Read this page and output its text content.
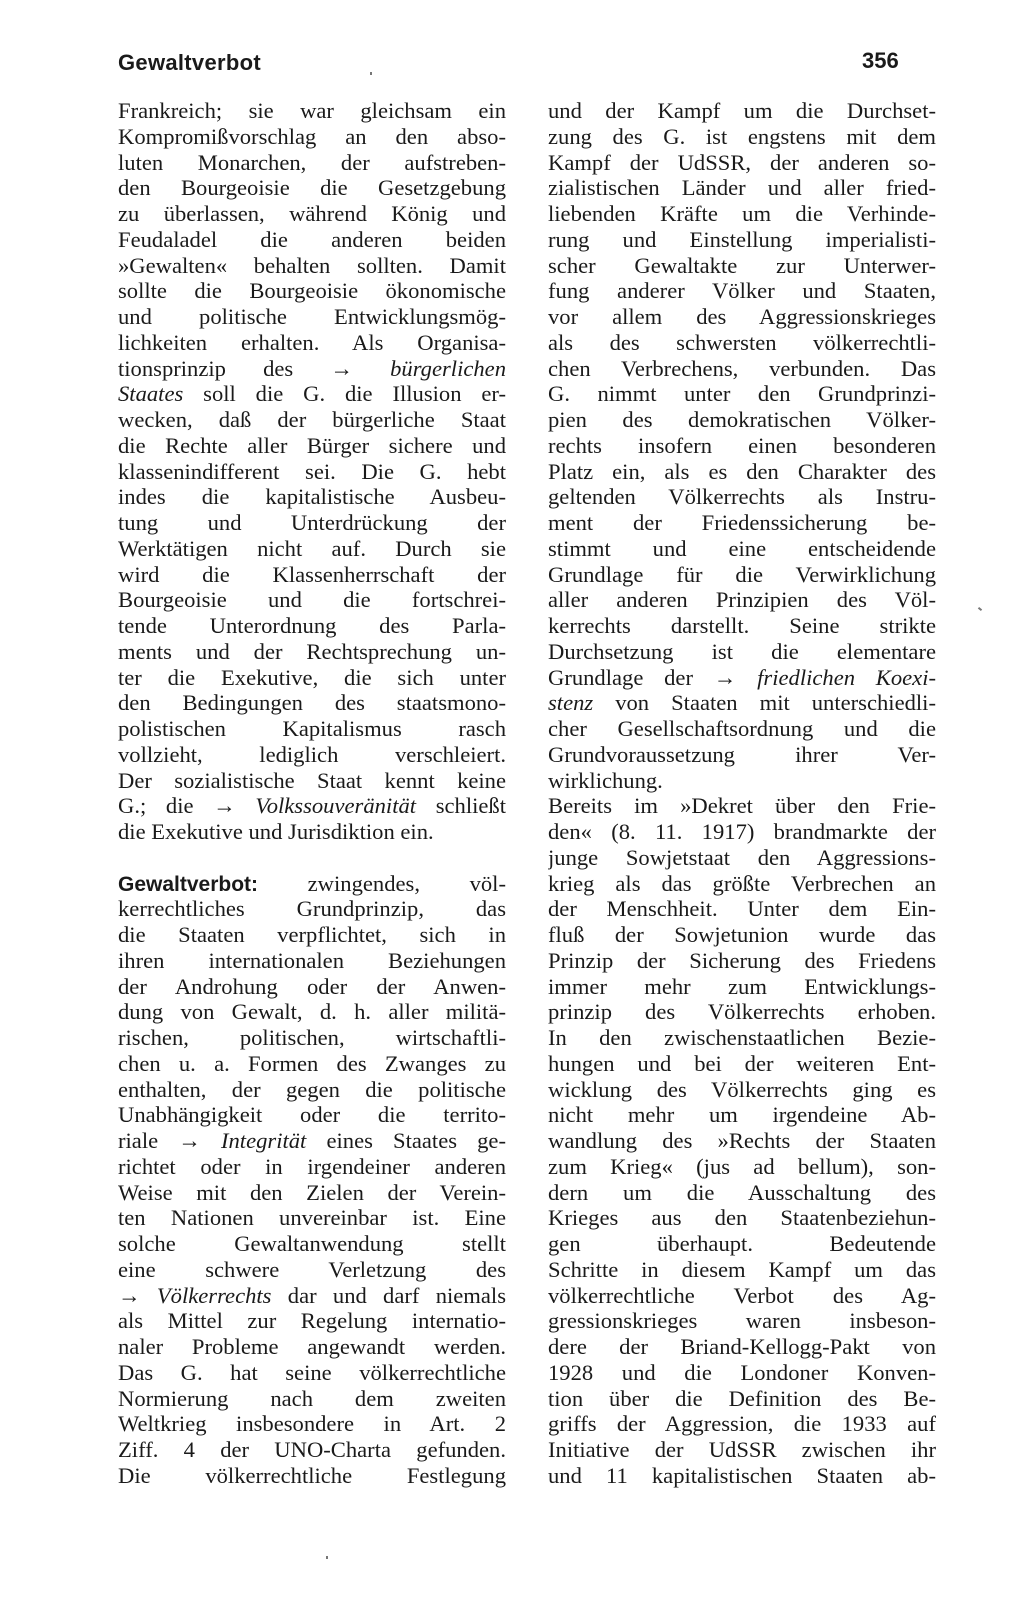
Gewaltverbot	356
Frankreich; sie war gleichsam ein
Kompromißvorschlag an den abso-
luten Monarchen, der aufstreben-
den Bourgeoisie die Gesetzgebung
zu überlassen, während König und
Feudaladel die anderen beiden
»Gewalten« behalten sollten. Damit
sollte die Bourgeoisie ökonomische
und politische Entwicklungsmög-
lichkeiten erhalten. Als Organisa-
tionsprinzip des → bürgerlichen
Staates soll die G. die Illusion er-
wecken, daß der bürgerliche Staat
die Rechte aller Bürger sichere und
klassenindifferent sei. Die G. hebt
indes die kapitalistische Ausbeu-
tung und Unterdrückung der
Werktätigen nicht auf. Durch sie
wird die Klassenherrschaft der
Bourgeoisie und die fortschrei-
tende Unterordnung des Parla-
ments und der Rechtsprechung un-
ter die Exekutive, die sich unter
den Bedingungen des staatsmono-
polistischen Kapitalismus rasch
vollzieht, lediglich verschleiert.
Der sozialistische Staat kennt keine
G.; die → Volkssouveränität schließt
die Exekutive und Jurisdiktion ein.
Gewaltverbot: zwingendes, völ-
kerrechtliches Grundprinzip, das
die Staaten verpflichtet, sich in
ihren internationalen Beziehungen
der Androhung oder der Anwen-
dung von Gewalt, d. h. aller militä-
rischen, politischen, wirtschaftli-
chen u. a. Formen des Zwanges zu
enthalten, der gegen die politische
Unabhängigkeit oder die territo-
riale → Integrität eines Staates ge-
richtet oder in irgendeiner anderen
Weise mit den Zielen der Verein-
ten Nationen unvereinbar ist. Eine
solche Gewaltanwendung stellt
eine schwere Verletzung des
→ Völkerrechts dar und darf niemals
als Mittel zur Regelung internatio-
naler Probleme angewandt werden.
Das G. hat seine völkerrechtliche
Normierung nach dem zweiten
Weltkrieg insbesondere in Art. 2
Ziff. 4 der UNO-Charta gefunden.
Die völkerrechtliche Festlegung
und der Kampf um die Durchset-
zung des G. ist engstens mit dem
Kampf der UdSSR, der anderen so-
zialistischen Länder und aller fried-
liebenden Kräfte um die Verhinde-
rung und Einstellung imperialisti-
scher Gewaltakte zur Unterwer-
fung anderer Völker und Staaten,
vor allem des Aggressionskrieges
als des schwersten völkerrechtli-
chen Verbrechens, verbunden. Das
G. nimmt unter den Grundprinzi-
pien des demokratischen Völker-
rechts insofern einen besonderen
Platz ein, als es den Charakter des
geltenden Völkerrechts als Instru-
ment der Friedenssicherung be-
stimmt und eine entscheidende
Grundlage für die Verwirklichung
aller anderen Prinzipien des Völ-
kerrechts darstellt. Seine strikte
Durchsetzung ist die elementare
Grundlage der → friedlichen Koexi-
stenz von Staaten mit unterschiedli-
cher Gesellschaftsordnung und die
Grundvoraussetzung ihrer Ver-
wirklichung.
Bereits im »Dekret über den Frie-
den« (8. 11. 1917) brandmarkte der
junge Sowjetstaat den Aggressions-
krieg als das größte Verbrechen an
der Menschheit. Unter dem Ein-
fluß der Sowjetunion wurde das
Prinzip der Sicherung des Friedens
immer mehr zum Entwicklungs-
prinzip des Völkerrechts erhoben.
In den zwischenstaatlichen Bezie-
hungen und bei der weiteren Ent-
wicklung des Völkerrechts ging es
nicht mehr um irgendeine Ab-
wandlung des »Rechts der Staaten
zum Krieg« (jus ad bellum), son-
dern um die Ausschaltung des
Krieges aus den Staatenbeziehun-
gen überhaupt. Bedeutende
Schritte in diesem Kampf um das
völkerrechtliche Verbot des Ag-
gressionskrieges waren insbeson-
dere der Briand-Kellogg-Pakt von
1928 und die Londoner Konven-
tion über die Definition des Be-
griffs der Aggression, die 1933 auf
Initiative der UdSSR zwischen ihr
und 11 kapitalistischen Staaten ab-
